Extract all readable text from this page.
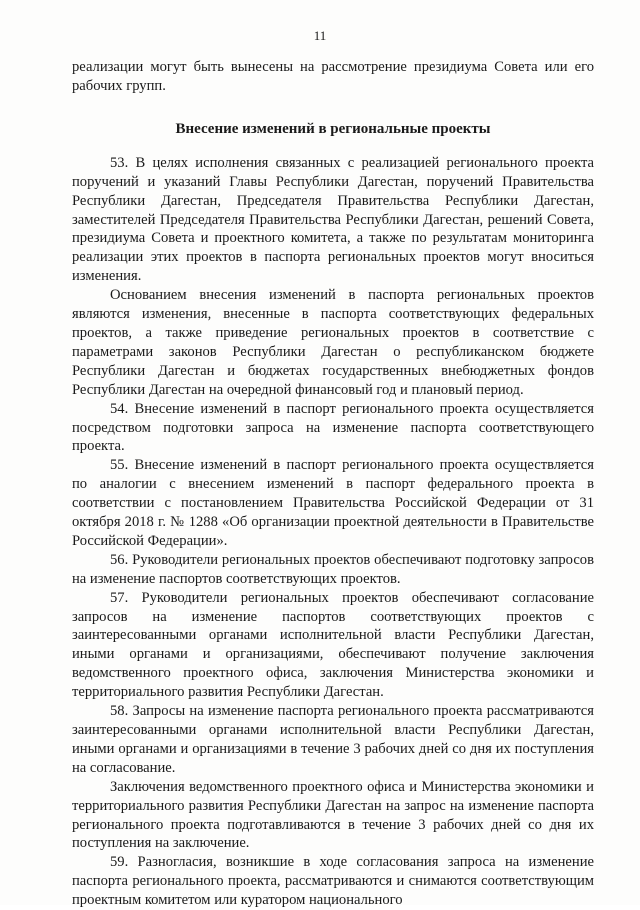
11

реализации могут быть вынесены на рассмотрение президиума Совета или его рабочих групп.

Внесение изменений в региональные проекты

53. В целях исполнения связанных с реализацией регионального проекта поручений и указаний Главы Республики Дагестан, поручений Правительства Республики Дагестан, Председателя Правительства Республики Дагестан, заместителей Председателя Правительства Республики Дагестан, решений Совета, президиума Совета и проектного комитета, а также по результатам мониторинга реализации этих проектов в паспорта региональных проектов могут вноситься изменения.

Основанием внесения изменений в паспорта региональных проектов являются изменения, внесенные в паспорта соответствующих федеральных проектов, а также приведение региональных проектов в соответствие с параметрами законов Республики Дагестан о республиканском бюджете Республики Дагестан и бюджетах государственных внебюджетных фондов Республики Дагестан на очередной финансовый год и плановый период.

54. Внесение изменений в паспорт регионального проекта осуществляется посредством подготовки запроса на изменение паспорта соответствующего проекта.

55. Внесение изменений в паспорт регионального проекта осуществляется по аналогии с внесением изменений в паспорт федерального проекта в соответствии с постановлением Правительства Российской Федерации от 31 октября 2018 г. № 1288 «Об организации проектной деятельности в Правительстве Российской Федерации».

56. Руководители региональных проектов обеспечивают подготовку запросов на изменение паспортов соответствующих проектов.

57. Руководители региональных проектов обеспечивают согласование запросов на изменение паспортов соответствующих проектов с заинтересованными органами исполнительной власти Республики Дагестан, иными органами и организациями, обеспечивают получение заключения ведомственного проектного офиса, заключения Министерства экономики и территориального развития Республики Дагестан.

58. Запросы на изменение паспорта регионального проекта рассматриваются заинтересованными органами исполнительной власти Республики Дагестан, иными органами и организациями в течение 3 рабочих дней со дня их поступления на согласование.

Заключения ведомственного проектного офиса и Министерства экономики и территориального развития Республики Дагестан на запрос на изменение паспорта регионального проекта подготавливаются в течение 3 рабочих дней со дня их поступления на заключение.

59. Разногласия, возникшие в ходе согласования запроса на изменение паспорта регионального проекта, рассматриваются и снимаются соответствующим проектным комитетом или куратором национального
